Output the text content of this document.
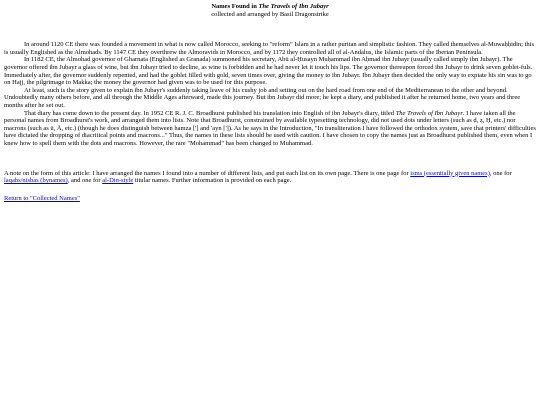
Names Found in The Travels of Ibn Jubayr
collected and arranged by Basil Dragonstrike

In around 1120 CE there was founded a movement in what is now called Morocco, seeking to "reform" Islam in a rather puritan and simplistic fashion. They called themselves al-Muwaḥḥidīn; this is usually Englished as the Almohads. By 1147 CE they overthrew the Almoravids in Morocco, and by 1172 they controlled all of al-Andalus, the Islamic parts of the Iberian Peninsula.

In 1182 CE, the Almohad governor of Gharnata (Englished as Granada) summoned his secretary, Abū al-Ḥusayn Muḥammad ibn Aḥmad ibn Jubayr (usually called simply ibn Jubayr). The governor offered ibn Jubayr a glass of wine, but ibn Jubayr tried to decline, as wine is forbidden and he had never let it touch his lips. The governor thereupon forced ibn Jubayr to drink seven goblet-fuls. Immediately after, the governor suddenly repented, and had the goblet filled with gold, seven times over, giving the money to ibn Jubayr. Ibn Jubayr then decided the only way to expiate his sin was to go on Hajj, the pilgrimage to Makka; the money the governor had given was to be used for this purpose.

At least, such is the story given to explain ibn Jubayr's suddenly taking leave of his cushy job and setting out on the hard road from one end of the Mediterranean to the other and beyond. Undoubtedly many others before, and all through the Middle Ages afterward, made this journey. But ibn Jubayr did more; he kept a diary, and published it after he returned home, two years and three months after he set out.

That diary has come down to the present day. In 1952 CE R. J. C. Broadhurst published his translation into English of ibn Jubayr's diary, titled The Travels of Ibn Jubayr. I have taken all the personal names from Broadhurst's work, and arranged them into lists. Note that Broadhurst, constrained by available typesetting technology, did not used dots under letters (such as ḍ, ẓ, Ḥ, etc.) nor macrons (such as ū, Ā, etc.) (though he does distinguish between hamza ['] and 'ayn [']). As he says in the Introduction, "In transliteration I have followed the orthodox system, save that printers' difficulties have dictated the dropping of diacritical points and macrons..." Thus, the names in these lists should be used with caution. I have chosen to copy the names just as Broadhurst published them, even when I knew how to spell them with the dots and macrons. However, the rare "Mohammad" has been changed to Muhammad.

A note on the form of this article: I have arranged the names I found into a number of different lists, and put each list on its own page. There is one page for isms (essentially given names), one for laqabs/nisbas (bynames), and one for al-Din-style titular names. Further information is provided on each page.

Return to "Collected Names"
